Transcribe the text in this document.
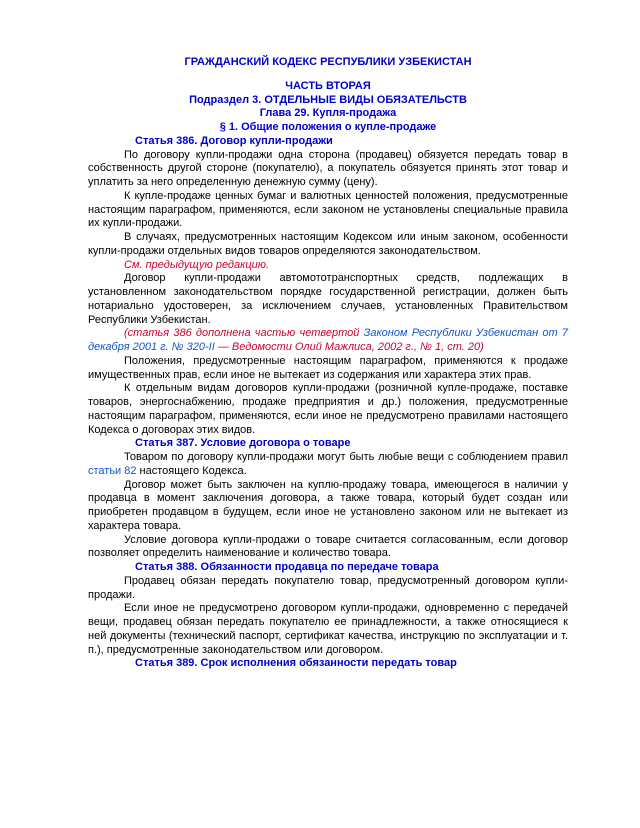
ГРАЖДАНСКИЙ КОДЕКС РЕСПУБЛИКИ УЗБЕКИСТАН

ЧАСТЬ ВТОРАЯ

Подраздел 3. ОТДЕЛЬНЫЕ ВИДЫ ОБЯЗАТЕЛЬСТВ

Глава 29. Купля-продажа

§ 1. Общие положения о купле-продаже

Статья 386. Договор купли-продажи

По договору купли-продажи одна сторона (продавец) обязуется передать товар в собственность другой стороне (покупателю), а покупатель обязуется принять этот товар и уплатить за него определенную денежную сумму (цену).

К купле-продаже ценных бумаг и валютных ценностей положения, предусмотренные настоящим параграфом, применяются, если законом не установлены специальные правила их купли-продажи.

В случаях, предусмотренных настоящим Кодексом или иным законом, особенности купли-продажи отдельных видов товаров определяются законодательством.

См. предыдущую редакцию.

Договор купли-продажи автомототранспортных средств, подлежащих в установленном законодательством порядке государственной регистрации, должен быть нотариально удостоверен, за исключением случаев, установленных Правительством Республики Узбекистан.

(статья 386 дополнена частью четвертой Законом Республики Узбекистан от 7 декабря 2001 г. № 320-II — Ведомости Олий Мажлиса, 2002 г., № 1, ст. 20)

Положения, предусмотренные настоящим параграфом, применяются к продаже имущественных прав, если иное не вытекает из содержания или характера этих прав.

К отдельным видам договоров купли-продажи (розничной купле-продаже, поставке товаров, энергоснабжению, продаже предприятия и др.) положения, предусмотренные настоящим параграфом, применяются, если иное не предусмотрено правилами настоящего Кодекса о договорах этих видов.

Статья 387. Условие договора о товаре

Товаром по договору купли-продажи могут быть любые вещи с соблюдением правил статьи 82 настоящего Кодекса.

Договор может быть заключен на куплю-продажу товара, имеющегося в наличии у продавца в момент заключения договора, а также товара, который будет создан или приобретен продавцом в будущем, если иное не установлено законом или не вытекает из характера товара.

Условие договора купли-продажи о товаре считается согласованным, если договор позволяет определить наименование и количество товара.

Статья 388. Обязанности продавца по передаче товара

Продавец обязан передать покупателю товар, предусмотренный договором купли-продажи.

Если иное не предусмотрено договором купли-продажи, одновременно с передачей вещи, продавец обязан передать покупателю ее принадлежности, а также относящиеся к ней документы (технический паспорт, сертификат качества, инструкцию по эксплуатации и т. п.), предусмотренные законодательством или договором.

Статья 389. Срок исполнения обязанности передать товар
